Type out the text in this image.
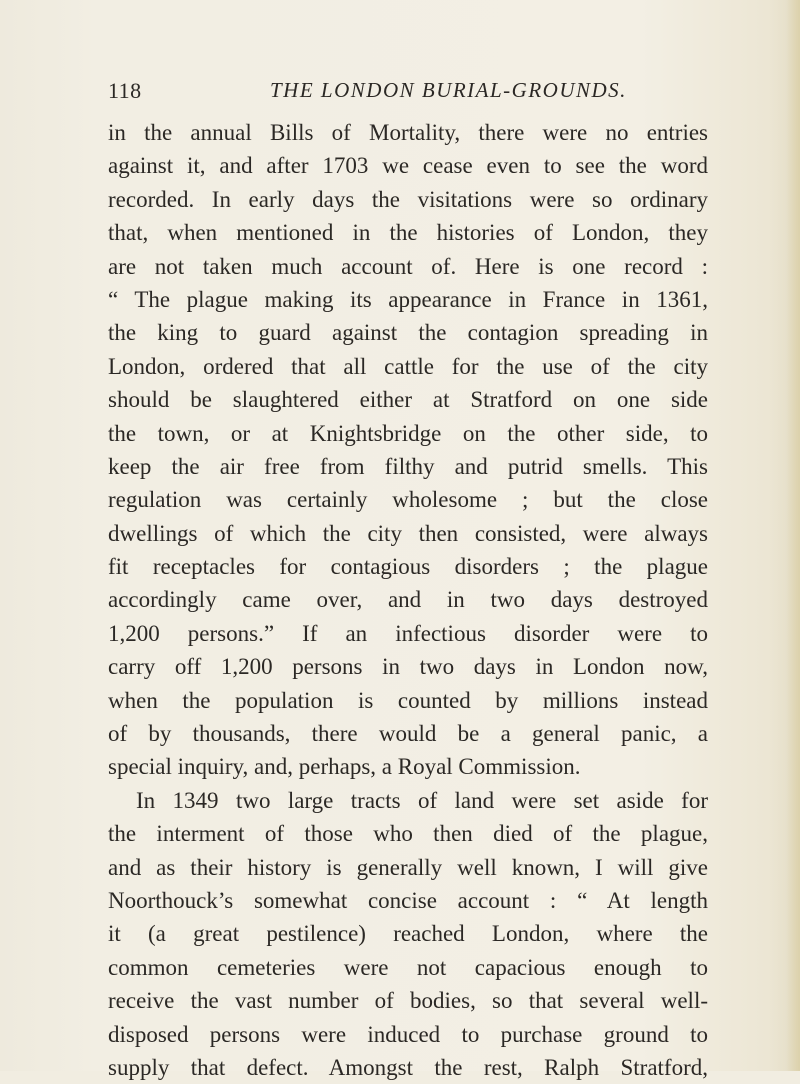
118	THE LONDON BURIAL-GROUNDS.
in the annual Bills of Mortality, there were no entries
against it, and after 1703 we cease even to see the word
recorded. In early days the visitations were so ordinary
that, when mentioned in the histories of London, they
are not taken much account of. Here is one record :
“ The plague making its appearance in France in 1361,
the king to guard against the contagion spreading in
London, ordered that all cattle for the use of the city
should be slaughtered either at Stratford on one side
the town, or at Knightsbridge on the other side, to
keep the air free from filthy and putrid smells. This
regulation was certainly wholesome ; but the close
dwellings of which the city then consisted, were always
fit receptacles for contagious disorders ; the plague
accordingly came over, and in two days destroyed
1,200 persons.” If an infectious disorder were to
carry off 1,200 persons in two days in London now,
when the population is counted by millions instead
of by thousands, there would be a general panic, a
special inquiry, and, perhaps, a Royal Commission.
In 1349 two large tracts of land were set aside for
the interment of those who then died of the plague,
and as their history is generally well known, I will give
Noorthouck’s somewhat concise account : “ At length
it (a great pestilence) reached London, where the
common cemeteries were not capacious enough to
receive the vast number of bodies, so that several well-
disposed persons were induced to purchase ground to
supply that defect. Amongst the rest, Ralph Stratford,
